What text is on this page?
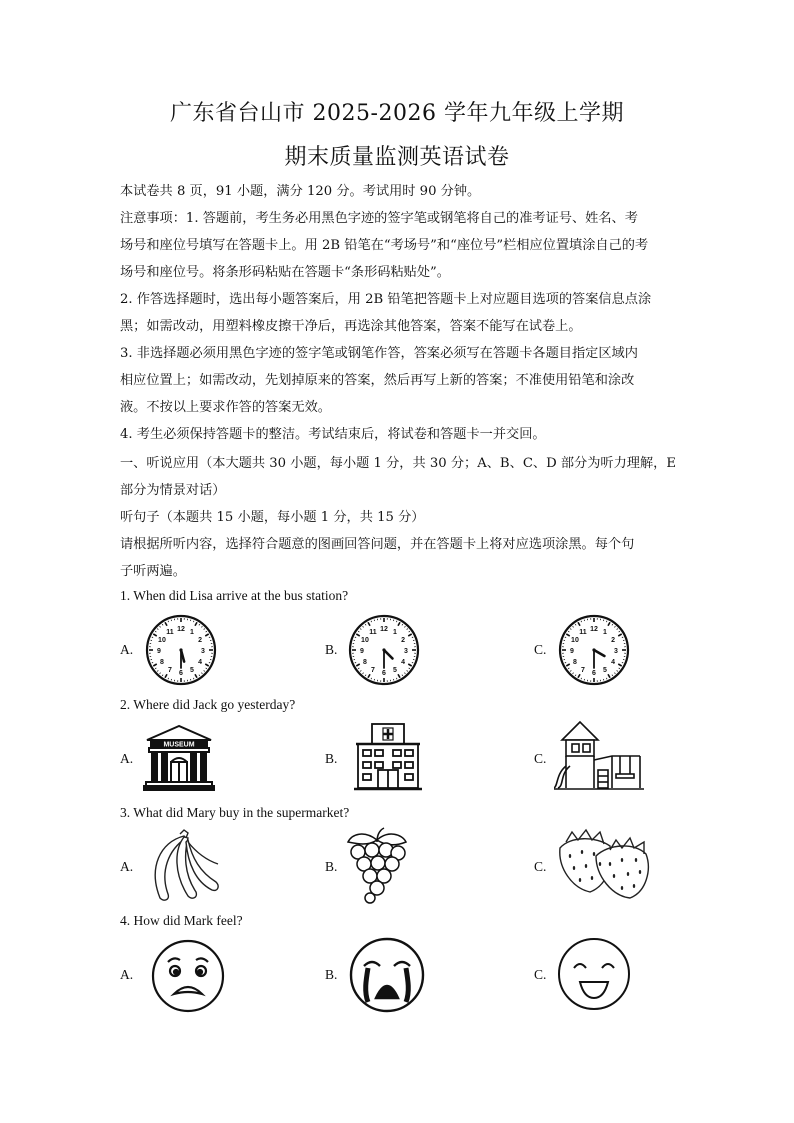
广东省台山市 2025-2026 学年九年级上学期
期末质量监测英语试卷
本试卷共 8 页，91 小题，满分 120 分。考试用时 90 分钟。
注意事项：1. 答题前，考生务必用黑色字迹的签字笔或钢笔将自己的准考证号、姓名、考
场号和座位号填写在答题卡上。用 2B 铅笔在“考场号”和“座位号”栏相应位置填涂自己的考
场号和座位号。将条形码粘贴在答题卡“条形码粘贴处”。
2. 作答选择题时，选出每小题答案后，用 2B 铅笔把答题卡上对应题目选项的答案信息点涂
黑；如需改动，用塑料橡皮擦干净后，再选涂其他答案，答案不能写在试卷上。
3. 非选择题必须用黑色字迹的签字笔或钢笔作答，答案必须写在答题卡各题目指定区域内
相应位置上；如需改动，先划掉原来的答案，然后再写上新的答案；不准使用铅笔和涂改
液。不按以上要求作答的答案无效。
4. 考生必须保持答题卡的整洁。考试结束后，将试卷和答题卡一并交回。
一、听说应用（本大题共 30 小题，每小题 1 分，共 30 分；A、B、C、D 部分为听力理解，E
部分为情景对话）
听句子（本题共 15 小题，每小题 1 分，共 15 分）
请根据所听内容，选择符合题意的图画回答问题，并在答题卡上将对应选项涂黑。每个句
子听两遍。
1. When did Lisa arrive at the bus station?
A.	B.	C.
12 1
2
3
4
5
6
7
8
9
10
11	12 1
2
3
4
5
6
7
8
9
10
11	12 1
2
3
4
5
6
7
8
9
10
11
2. Where did Jack go yesterday?
A.	B.	C.
MUSEUM
3. What did Mary buy in the supermarket?
A.	B.	C.
4. How did Mark feel?
A.	B.	C.
